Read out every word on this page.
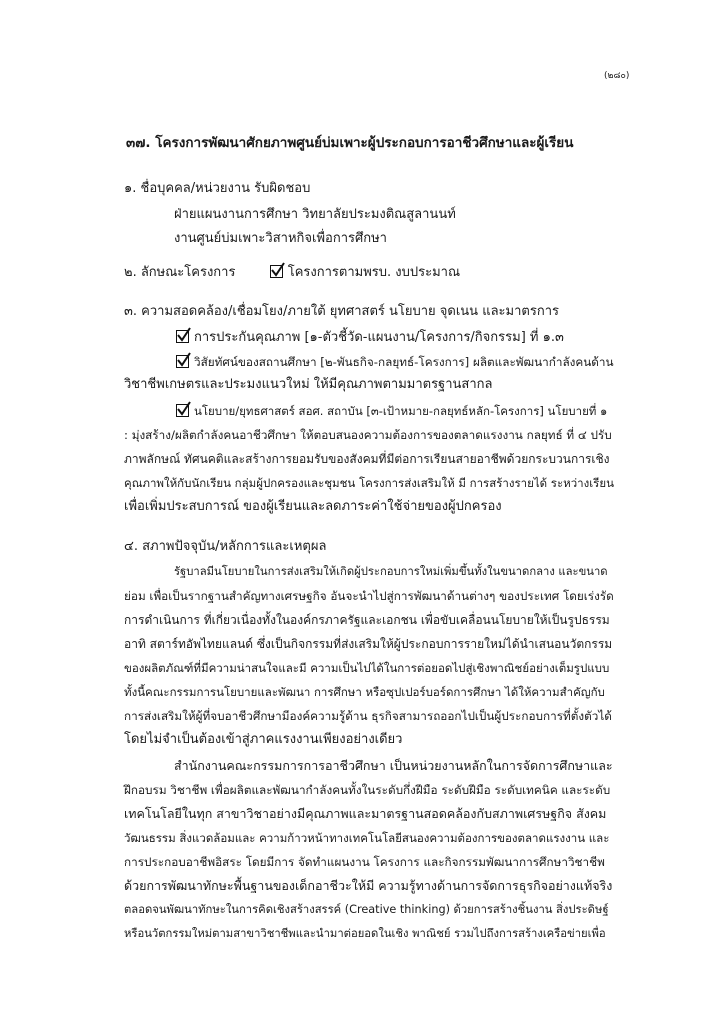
(๒๘๐)
๓๗. โครงการพัฒนาศักยภาพศูนย์บ่มเพาะผู้ประกอบการอาชีวศึกษาและผู้เรียน
๑. ชื่อบุคคล/หน่วยงาน รับผิดชอบ
ฝ่ายแผนงานการศึกษา วิทยาลัยประมงติณสูลานนท์
งานศูนย์บ่มเพาะวิสาหกิจเพื่อการศึกษา
๒. ลักษณะโครงการ	โครงการตามพรบ. งบประมาณ
๓. ความสอดคล้อง/เชื่อมโยง/ภายใต้ ยุทศาสตร์ นโยบาย จุดเนน และมาตรการ
การประกันคุณภาพ [๑-ตัวชี้วัด-แผนงาน/โครงการ/กิจกรรม] ที่ ๑.๓
วิสัยทัศน์ของสถานศึกษา [๒-พันธกิจ-กลยุทธ์-โครงการ] ผลิตและพัฒนากำลังคนด้าน
วิชาชีพเกษตรและประมงแนวใหม่ ให้มีคุณภาพตามมาตรฐานสากล
นโยบาย/ยุทธศาสตร์ สอศ. สถาบัน [๓-เป้าหมาย-กลยุทธ์หลัก-โครงการ] นโยบายที่ ๑
: มุ่งสร้าง/ผลิตกำลังคนอาชีวศึกษา ให้ตอบสนองความต้องการของตลาดแรงงาน กลยุทธ์ ที่ ๔ ปรับ
ภาพลักษณ์ ทัศนคติและสร้างการยอมรับของสังคมที่มีต่อการเรียนสายอาชีพด้วยกระบวนการเชิง
คุณภาพให้กับนักเรียน กลุ่มผู้ปกครองและชุมชน โครงการส่งเสริมให้ มี การสร้างรายได้ ระหว่างเรียน
เพื่อเพิ่มประสบการณ์ ของผู้เรียนและลดภาระค่าใช้จ่ายของผู้ปกครอง
๔. สภาพปัจจุบัน/หลักการและเหตุผล
รัฐบาลมีนโยบายในการส่งเสริมให้เกิดผู้ประกอบการใหม่เพิ่มขึ้นทั้งในขนาดกลาง และขนาด
ย่อม เพื่อเป็นรากฐานสำคัญทางเศรษฐกิจ อันจะนำไปสู่การพัฒนาด้านต่างๆ ของประเทศ โดยเร่งรัด
การดำเนินการ ที่เกี่ยวเนื่องทั้งในองค์กรภาครัฐและเอกชน เพื่อขับเคลื่อนนโยบายให้เป็นรูปธรรม
อาทิ สตาร์ทอัพไทยแลนด์ ซึ่งเป็นกิจกรรมที่ส่งเสริมให้ผู้ประกอบการรายใหม่ได้นำเสนอนวัตกรรม
ของผลิตภัณฑ์ที่มีความน่าสนใจและมี ความเป็นไปได้ในการต่อยอดไปสู่เชิงพาณิชย์อย่างเต็มรูปแบบ
ทั้งนี้คณะกรรมการนโยบายและพัฒนา การศึกษา หรือซุปเปอร์บอร์ดการศึกษา ได้ให้ความสำคัญกับ
การส่งเสริมให้ผู้ที่จบอาชีวศึกษามีองค์ความรู้ด้าน ธุรกิจสามารถออกไปเป็นผู้ประกอบการที่ตั้งตัวได้
โดยไม่จำเป็นต้องเข้าสู่ภาคแรงงานเพียงอย่างเดียว
สำนักงานคณะกรรมการการอาชีวศึกษา เป็นหน่วยงานหลักในการจัดการศึกษาและ
ฝึกอบรม วิชาชีพ เพื่อผลิตและพัฒนากำลังคนทั้งในระดับกึ่งฝีมือ ระดับฝีมือ ระดับเทคนิค และระดับ
เทคโนโลยีในทุก สาขาวิชาอย่างมีคุณภาพและมาตรฐานสอดคล้องกับสภาพเศรษฐกิจ สังคม
วัฒนธรรม สิ่งแวดล้อมและ ความก้าวหน้าทางเทคโนโลยีสนองความต้องการของตลาดแรงงาน และ
การประกอบอาชีพอิสระ โดยมีการ จัดทำแผนงาน โครงการ และกิจกรรมพัฒนาการศึกษาวิชาชีพ
ด้วยการพัฒนาทักษะพื้นฐานของเด็กอาชีวะให้มี ความรู้ทางด้านการจัดการธุรกิจอย่างแท้จริง
ตลอดจนพัฒนาทักษะในการคิดเชิงสร้างสรรค์ (Creative thinking) ด้วยการสร้างชิ้นงาน สิ่งประดิษฐ์
หรือนวัตกรรมใหม่ตามสาขาวิชาชีพและนำมาต่อยอดในเชิง พาณิชย์ รวมไปถึงการสร้างเครือข่ายเพื่อ
